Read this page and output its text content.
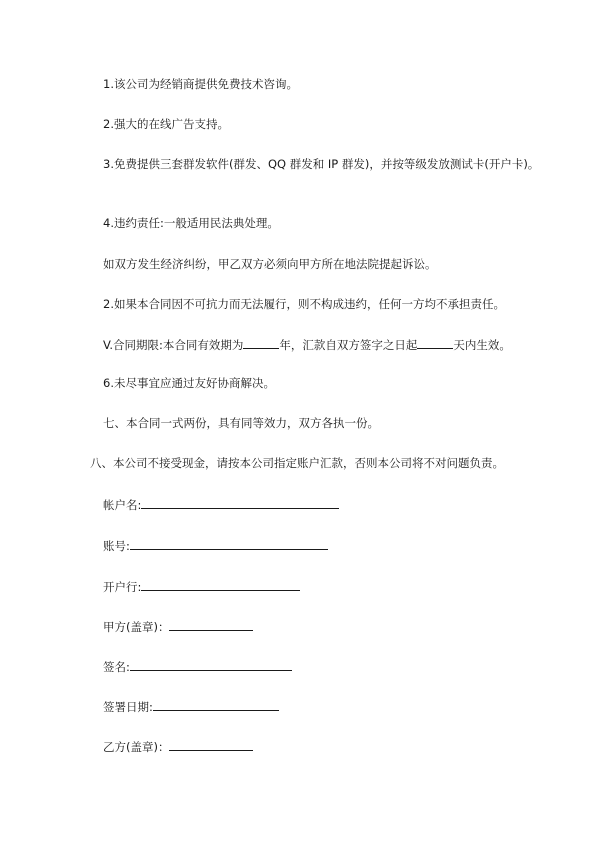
1.该公司为经销商提供免费技术咨询。
2.强大的在线广告支持。
3.免费提供三套群发软件(群发、QQ 群发和 IP 群发)，并按等级发放测试卡(开户卡)。
4.违约责任:一般适用民法典处理。
如双方发生经济纠纷，甲乙双方必须向甲方所在地法院提起诉讼。
2.如果本合同因不可抗力而无法履行，则不构成违约，任何一方均不承担责任。
V.合同期限:本合同有效期为	年，汇款自双方签字之日起	天内生效。
6.未尽事宜应通过友好协商解决。
七、本合同一式两份，具有同等效力，双方各执一份。
八、本公司不接受现金，请按本公司指定账户汇款，否则本公司将不对问题负责。
帐户名:
账号:
开户行:
甲方(盖章)：
签名:
签署日期:
乙方(盖章)：
